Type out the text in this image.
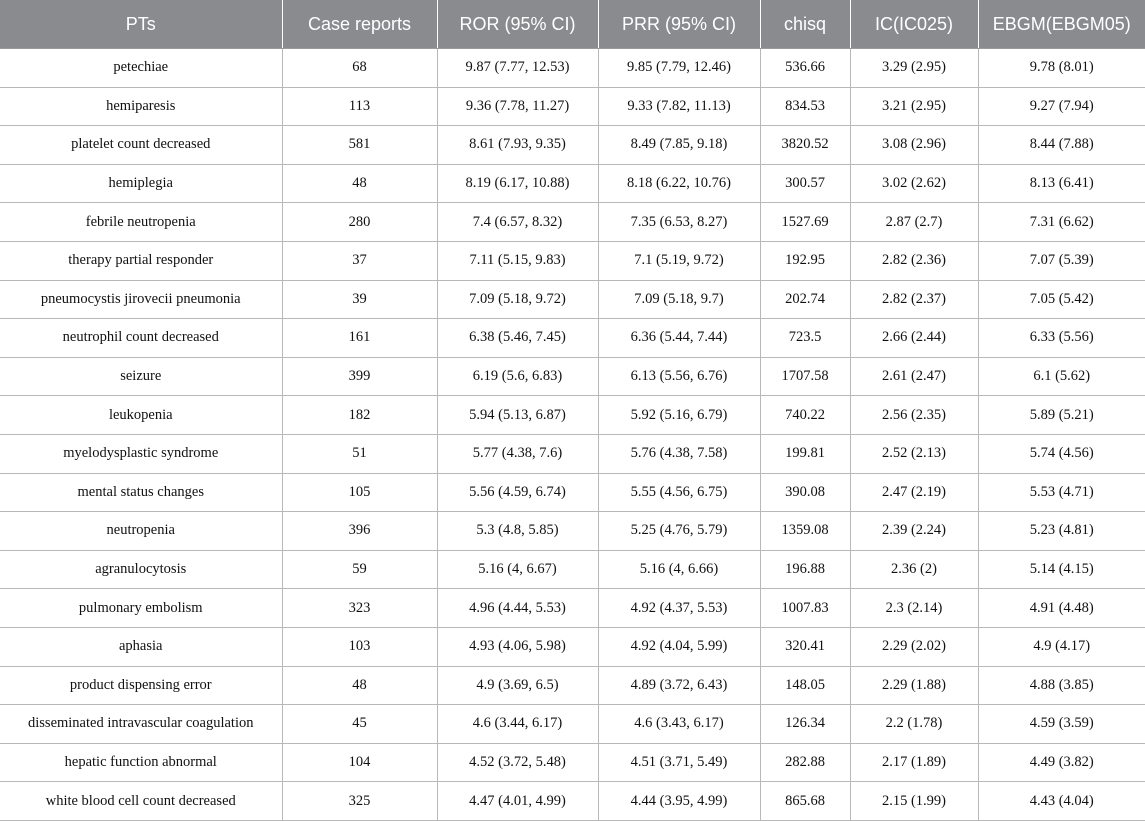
PTs	Case reports	ROR (95% CI)	PRR (95% CI)	chisq	IC(IC025)	EBGM(EBGM05)
petechiae	68	9.87 (7.77, 12.53)	9.85 (7.79, 12.46)	536.66	3.29 (2.95)	9.78 (8.01)
hemiparesis	113	9.36 (7.78, 11.27)	9.33 (7.82, 11.13)	834.53	3.21 (2.95)	9.27 (7.94)
platelet count decreased	581	8.61 (7.93, 9.35)	8.49 (7.85, 9.18)	3820.52	3.08 (2.96)	8.44 (7.88)
hemiplegia	48	8.19 (6.17, 10.88)	8.18 (6.22, 10.76)	300.57	3.02 (2.62)	8.13 (6.41)
febrile neutropenia	280	7.4 (6.57, 8.32)	7.35 (6.53, 8.27)	1527.69	2.87 (2.7)	7.31 (6.62)
therapy partial responder	37	7.11 (5.15, 9.83)	7.1 (5.19, 9.72)	192.95	2.82 (2.36)	7.07 (5.39)
pneumocystis jirovecii pneumonia	39	7.09 (5.18, 9.72)	7.09 (5.18, 9.7)	202.74	2.82 (2.37)	7.05 (5.42)
neutrophil count decreased	161	6.38 (5.46, 7.45)	6.36 (5.44, 7.44)	723.5	2.66 (2.44)	6.33 (5.56)
seizure	399	6.19 (5.6, 6.83)	6.13 (5.56, 6.76)	1707.58	2.61 (2.47)	6.1 (5.62)
leukopenia	182	5.94 (5.13, 6.87)	5.92 (5.16, 6.79)	740.22	2.56 (2.35)	5.89 (5.21)
myelodysplastic syndrome	51	5.77 (4.38, 7.6)	5.76 (4.38, 7.58)	199.81	2.52 (2.13)	5.74 (4.56)
mental status changes	105	5.56 (4.59, 6.74)	5.55 (4.56, 6.75)	390.08	2.47 (2.19)	5.53 (4.71)
neutropenia	396	5.3 (4.8, 5.85)	5.25 (4.76, 5.79)	1359.08	2.39 (2.24)	5.23 (4.81)
agranulocytosis	59	5.16 (4, 6.67)	5.16 (4, 6.66)	196.88	2.36 (2)	5.14 (4.15)
pulmonary embolism	323	4.96 (4.44, 5.53)	4.92 (4.37, 5.53)	1007.83	2.3 (2.14)	4.91 (4.48)
aphasia	103	4.93 (4.06, 5.98)	4.92 (4.04, 5.99)	320.41	2.29 (2.02)	4.9 (4.17)
product dispensing error	48	4.9 (3.69, 6.5)	4.89 (3.72, 6.43)	148.05	2.29 (1.88)	4.88 (3.85)
disseminated intravascular coagulation	45	4.6 (3.44, 6.17)	4.6 (3.43, 6.17)	126.34	2.2 (1.78)	4.59 (3.59)
hepatic function abnormal	104	4.52 (3.72, 5.48)	4.51 (3.71, 5.49)	282.88	2.17 (1.89)	4.49 (3.82)
white blood cell count decreased	325	4.47 (4.01, 4.99)	4.44 (3.95, 4.99)	865.68	2.15 (1.99)	4.43 (4.04)
